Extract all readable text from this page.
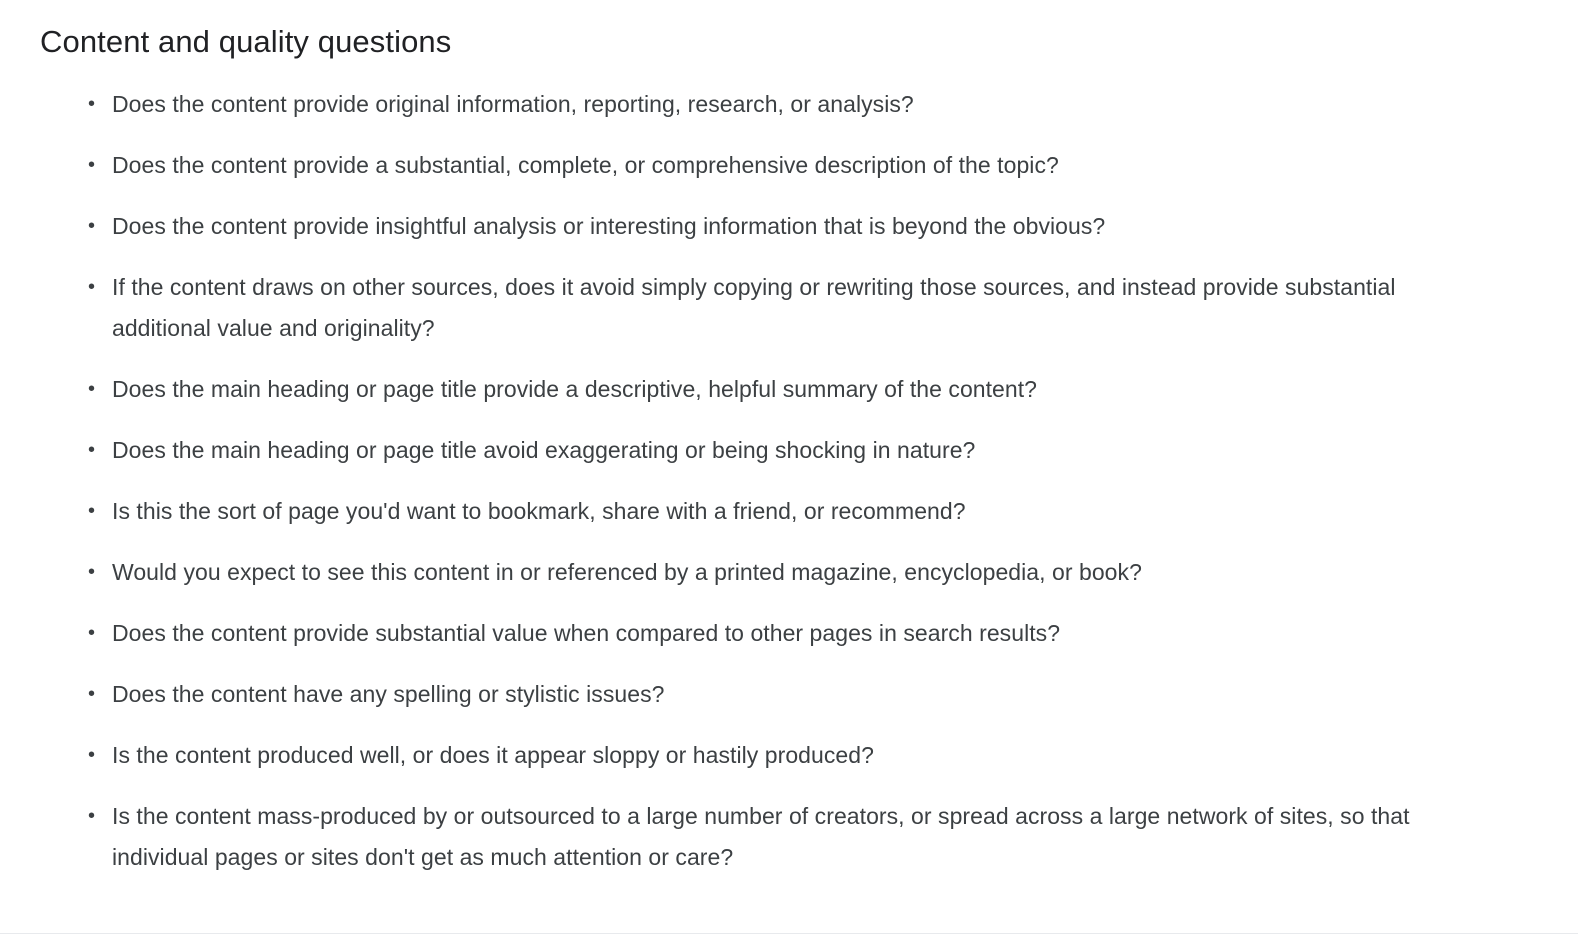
Content and quality questions
• Does the content provide original information, reporting, research, or analysis?
• Does the content provide a substantial, complete, or comprehensive description of the topic?
• Does the content provide insightful analysis or interesting information that is beyond the obvious?
• If the content draws on other sources, does it avoid simply copying or rewriting those sources, and instead provide substantial additional value and originality?
• Does the main heading or page title provide a descriptive, helpful summary of the content?
• Does the main heading or page title avoid exaggerating or being shocking in nature?
• Is this the sort of page you'd want to bookmark, share with a friend, or recommend?
• Would you expect to see this content in or referenced by a printed magazine, encyclopedia, or book?
• Does the content provide substantial value when compared to other pages in search results?
• Does the content have any spelling or stylistic issues?
• Is the content produced well, or does it appear sloppy or hastily produced?
• Is the content mass-produced by or outsourced to a large number of creators, or spread across a large network of sites, so that individual pages or sites don't get as much attention or care?
